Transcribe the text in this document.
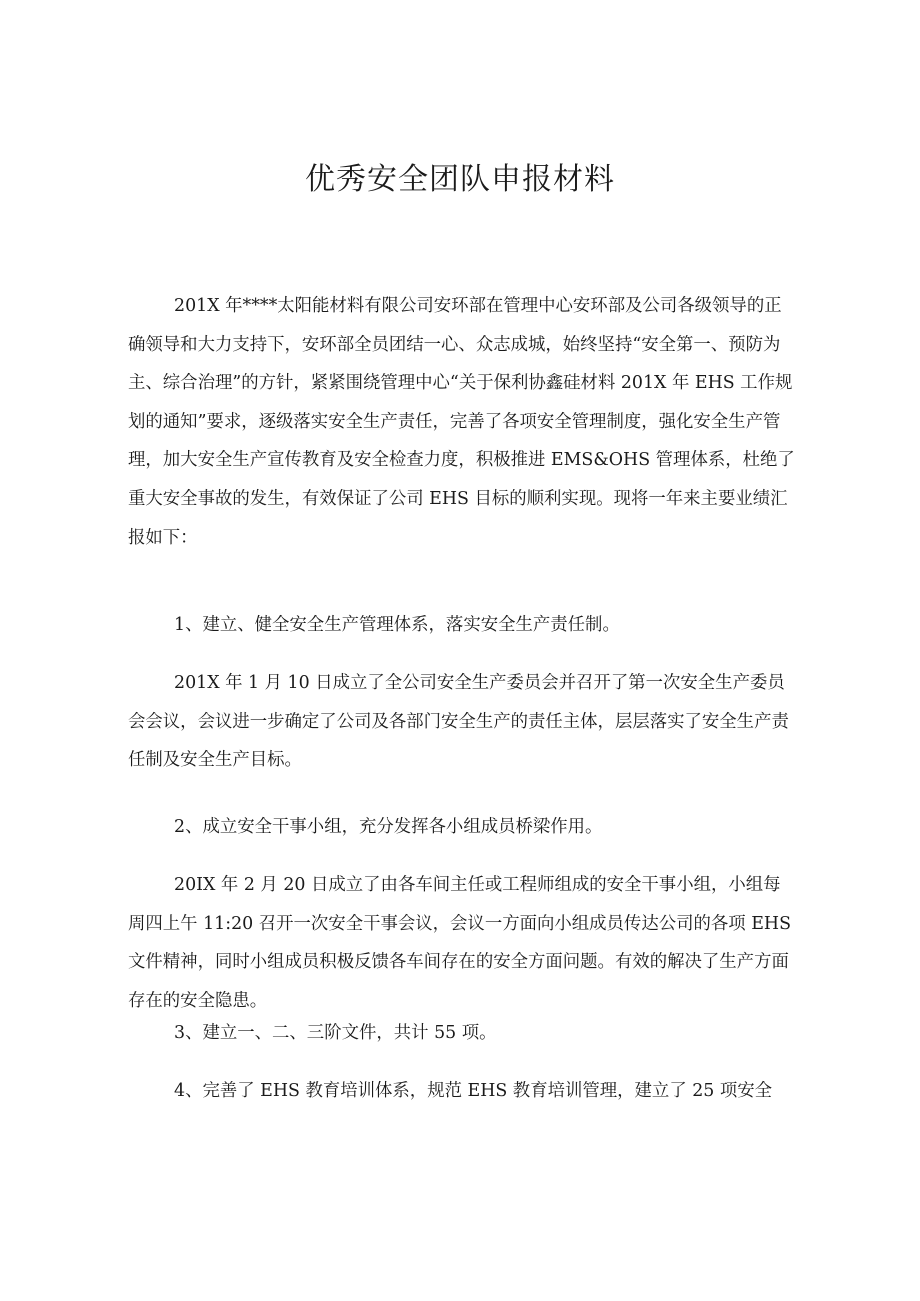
优秀安全团队申报材料

201X 年****太阳能材料有限公司安环部在管理中心安环部及公司各级领导的正确领导和大力支持下，安环部全员团结一心、众志成城，始终坚持“安全第一、预防为主、综合治理”的方针，紧紧围绕管理中心“关于保利协鑫硅材料 201X 年 EHS 工作规划的通知”要求，逐级落实安全生产责任，完善了各项安全管理制度，强化安全生产管理，加大安全生产宣传教育及安全检查力度，积极推进 EMS&OHS 管理体系，杜绝了重大安全事故的发生，有效保证了公司 EHS 目标的顺利实现。现将一年来主要业绩汇报如下：

1、建立、健全安全生产管理体系，落实安全生产责任制。

201X 年 1 月 10 日成立了全公司安全生产委员会并召开了第一次安全生产委员会会议，会议进一步确定了公司及各部门安全生产的责任主体，层层落实了安全生产责任制及安全生产目标。

2、成立安全干事小组，充分发挥各小组成员桥梁作用。

20IX 年 2 月 20 日成立了由各车间主任或工程师组成的安全干事小组，小组每周四上午 11:20 召开一次安全干事会议，会议一方面向小组成员传达公司的各项 EHS 文件精神，同时小组成员积极反馈各车间存在的安全方面问题。有效的解决了生产方面存在的安全隐患。

3、建立一、二、三阶文件，共计 55 项。

4、完善了 EHS 教育培训体系，规范 EHS 教育培训管理，建立了 25 项安全
